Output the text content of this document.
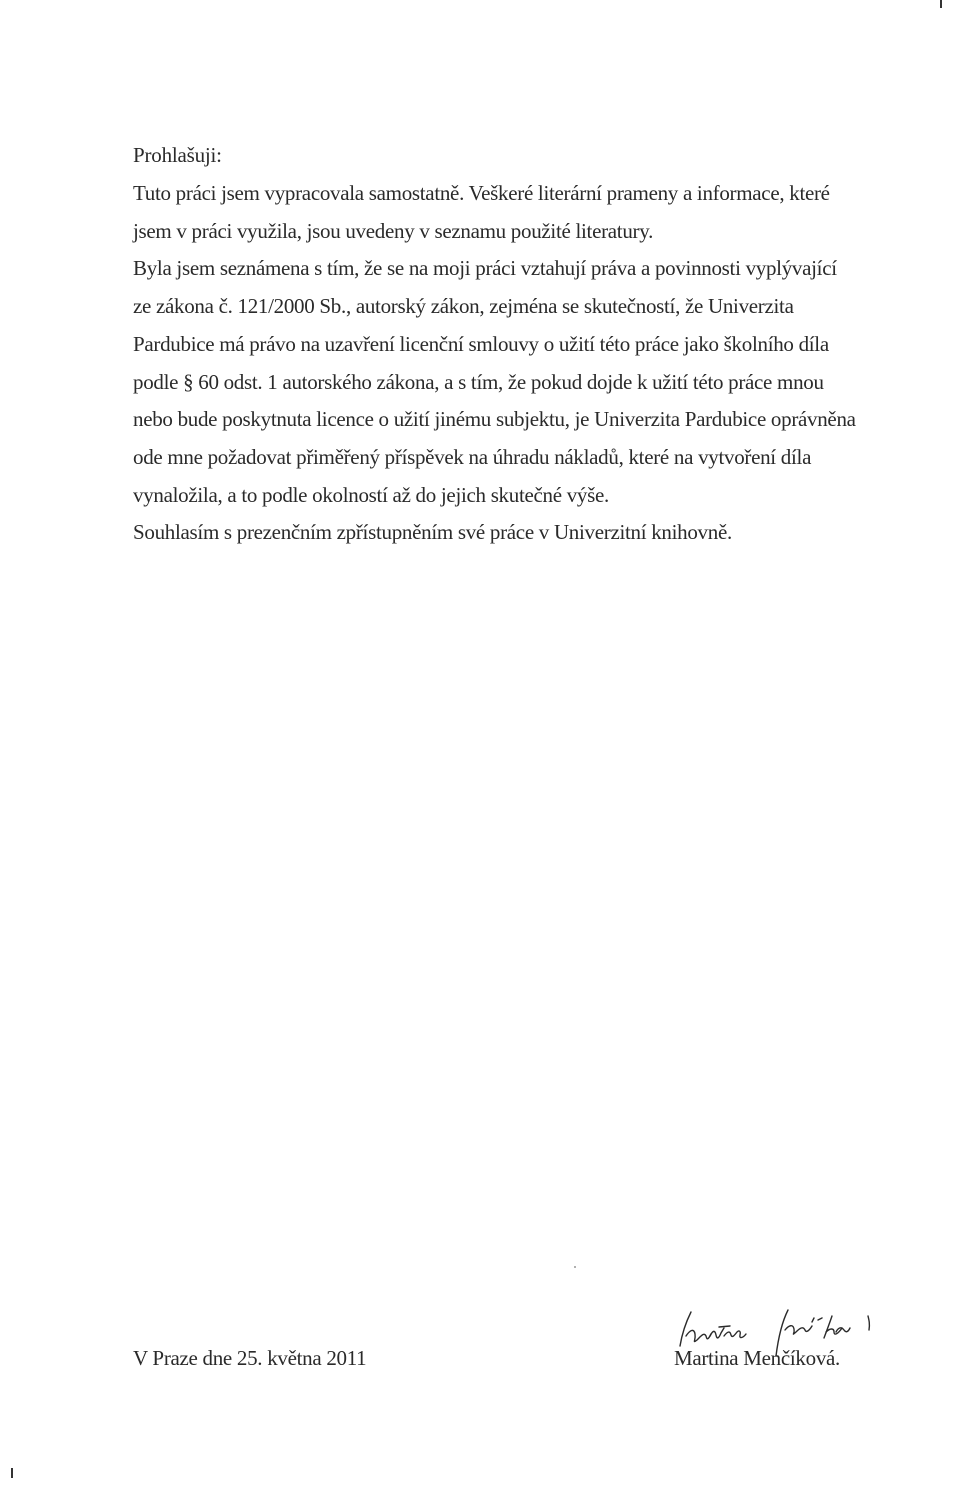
Prohlašuji:

Tuto práci jsem vypracovala samostatně. Veškeré literární prameny a informace, které jsem v práci využila, jsou uvedeny v seznamu použité literatury.

Byla jsem seznámena s tím, že se na moji práci vztahují práva a povinnosti vyplývající ze zákona č. 121/2000 Sb., autorský zákon, zejména se skutečností, že Univerzita Pardubice má právo na uzavření licenční smlouvy o užití této práce jako školního díla podle § 60 odst. 1 autorského zákona, a s tím, že pokud dojde k užití této práce mnou nebo bude poskytnuta licence o užití jinému subjektu, je Univerzita Pardubice oprávněna ode mne požadovat přiměřený příspěvek na úhradu nákladů, které na vytvoření díla vynaložila, a to podle okolností až do jejich skutečné výše.

Souhlasím s prezenčním zpřístupněním své práce v Univerzitní knihovně.

V Praze dne 25. května 2011	Martina Menčíková.
